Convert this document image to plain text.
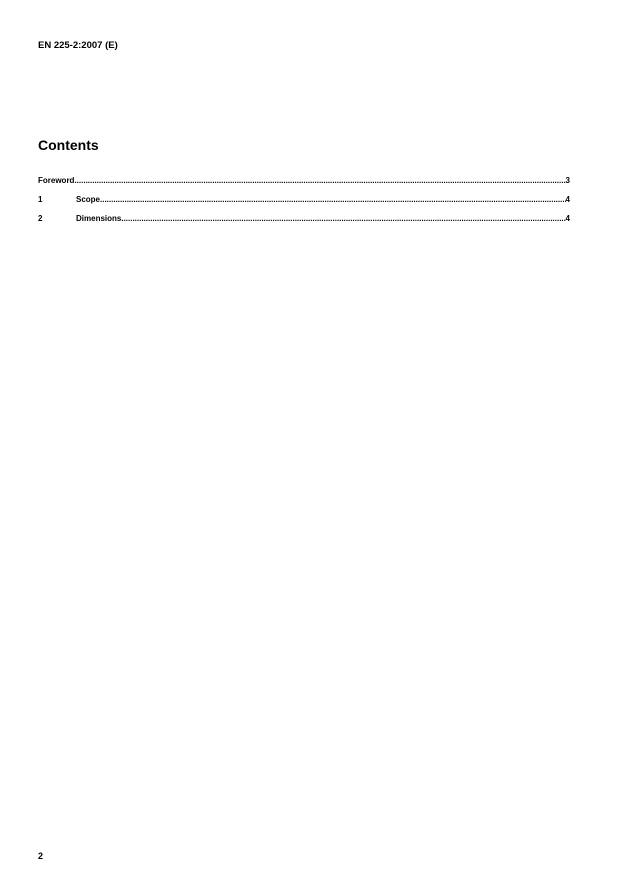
EN 225-2:2007 (E)
Contents
Foreword .....	3
1	Scope .....	4
2	Dimensions .....	4
2
